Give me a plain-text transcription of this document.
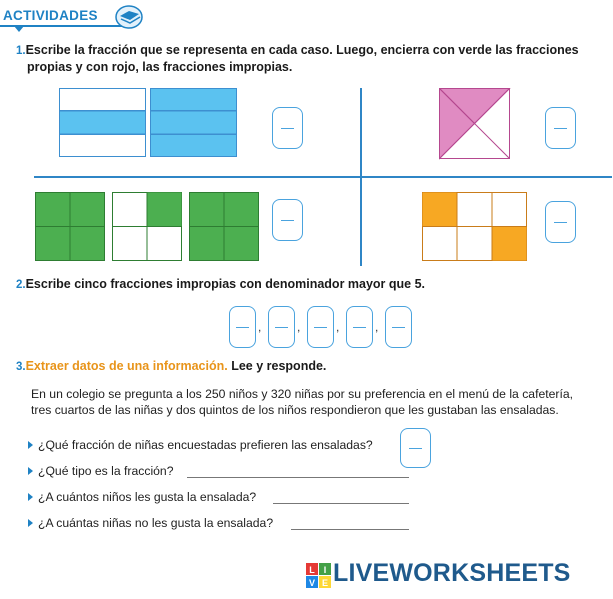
ACTIVIDADES
1.Escribe la fracción que se representa en cada caso. Luego, encierra con verde las fracciones
propias y con rojo, las fracciones impropias.
2.Escribe cinco fracciones impropias con denominador mayor que 5.
,	,	,	,
3.Extraer datos de una información. Lee y responde.
En un colegio se pregunta a los 250 niños y 320 niñas por su preferencia en el menú de la cafetería,
tres cuartos de las niñas y dos quintos de los niños respondieron que les gustaban las ensaladas.
¿Qué fracción de niñas encuestadas prefieren las ensaladas?
¿Qué tipo es la fracción?
¿A cuántos niños les gusta la ensalada?
¿A cuántas niñas no les gusta la ensalada?
L I
V E LIVEWORKSHEETS
